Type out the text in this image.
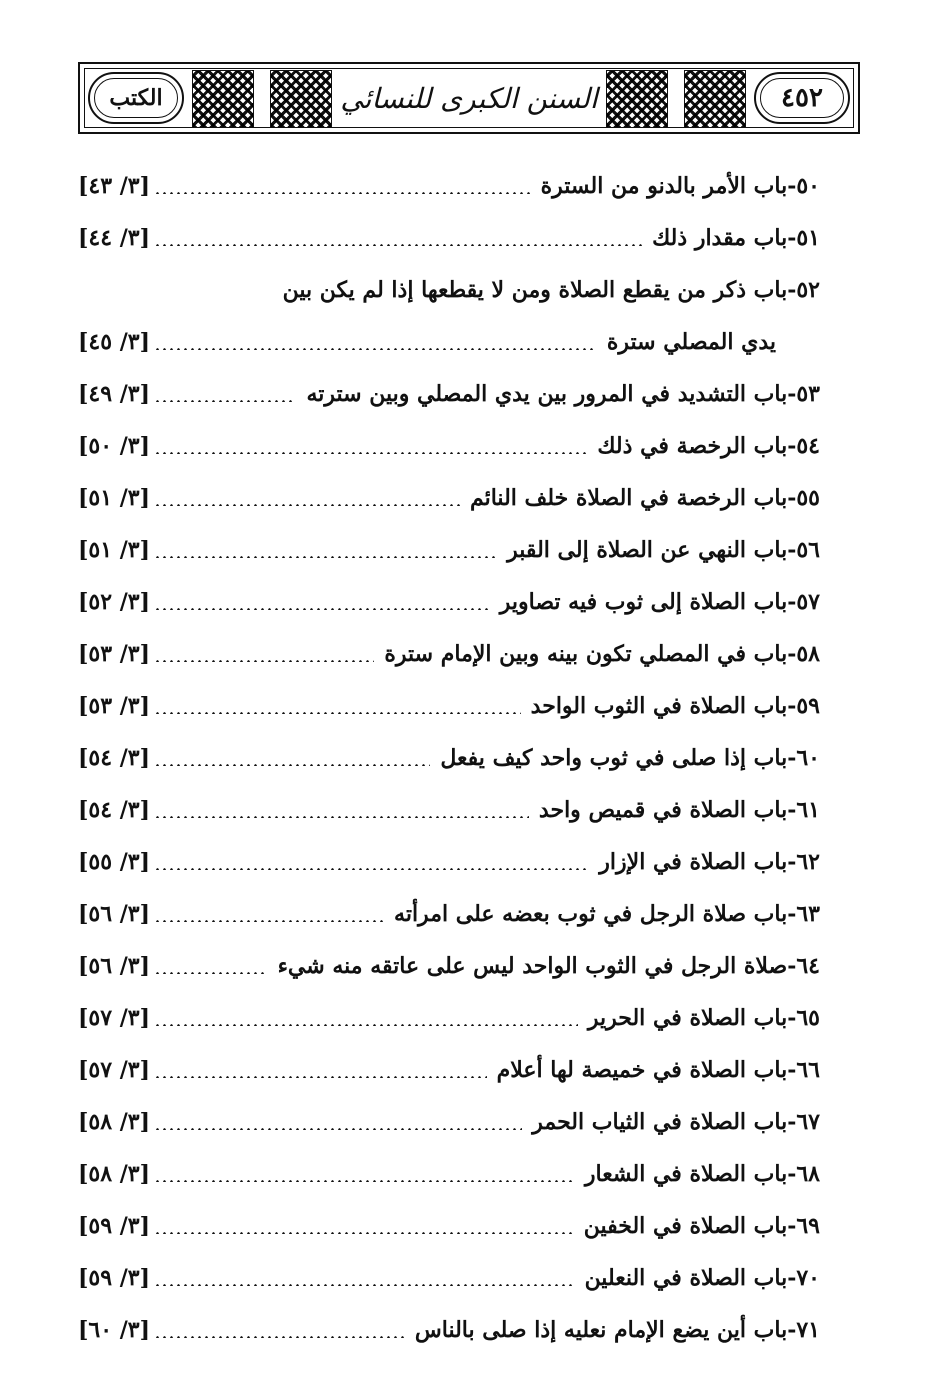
الكتب	السنن الكبرى للنسائي	٤٥٢
٥٠-
باب الأمر بالدنو من السترة
[٣/ ٤٣]
٥١-
باب مقدار ذلك
[٣/ ٤٤]
٥٢-
باب ذكر من يقطع الصلاة ومن لا يقطعها إذا لم يكن بين
يدي المصلي سترة
[٣/ ٤٥]
٥٣-
باب التشديد في المرور بين يدي المصلي وبين سترته
[٣/ ٤٩]
٥٤-
باب الرخصة في ذلك
[٣/ ٥٠]
٥٥-
باب الرخصة في الصلاة خلف النائم
[٣/ ٥١]
٥٦-
باب النهي عن الصلاة إلى القبر
[٣/ ٥١]
٥٧-
باب الصلاة إلى ثوب فيه تصاوير
[٣/ ٥٢]
٥٨-
باب في المصلي تكون بينه وبين الإمام سترة
[٣/ ٥٣]
٥٩-
باب الصلاة في الثوب الواحد
[٣/ ٥٣]
٦٠-
باب إذا صلى في ثوب واحد كيف يفعل
[٣/ ٥٤]
٦١-
باب الصلاة في قميص واحد
[٣/ ٥٤]
٦٢-
باب الصلاة في الإزار
[٣/ ٥٥]
٦٣-
باب صلاة الرجل في ثوب بعضه على امرأته
[٣/ ٥٦]
٦٤-
صلاة الرجل في الثوب الواحد ليس على عاتقه منه شيء
[٣/ ٥٦]
٦٥-
باب الصلاة في الحرير
[٣/ ٥٧]
٦٦-
باب الصلاة في خميصة لها أعلام
[٣/ ٥٧]
٦٧-
باب الصلاة في الثياب الحمر
[٣/ ٥٨]
٦٨-
باب الصلاة في الشعار
[٣/ ٥٨]
٦٩-
باب الصلاة في الخفين
[٣/ ٥٩]
٧٠-
باب الصلاة في النعلين
[٣/ ٥٩]
٧١-
باب أين يضع الإمام نعليه إذا صلى بالناس
[٣/ ٦٠]
